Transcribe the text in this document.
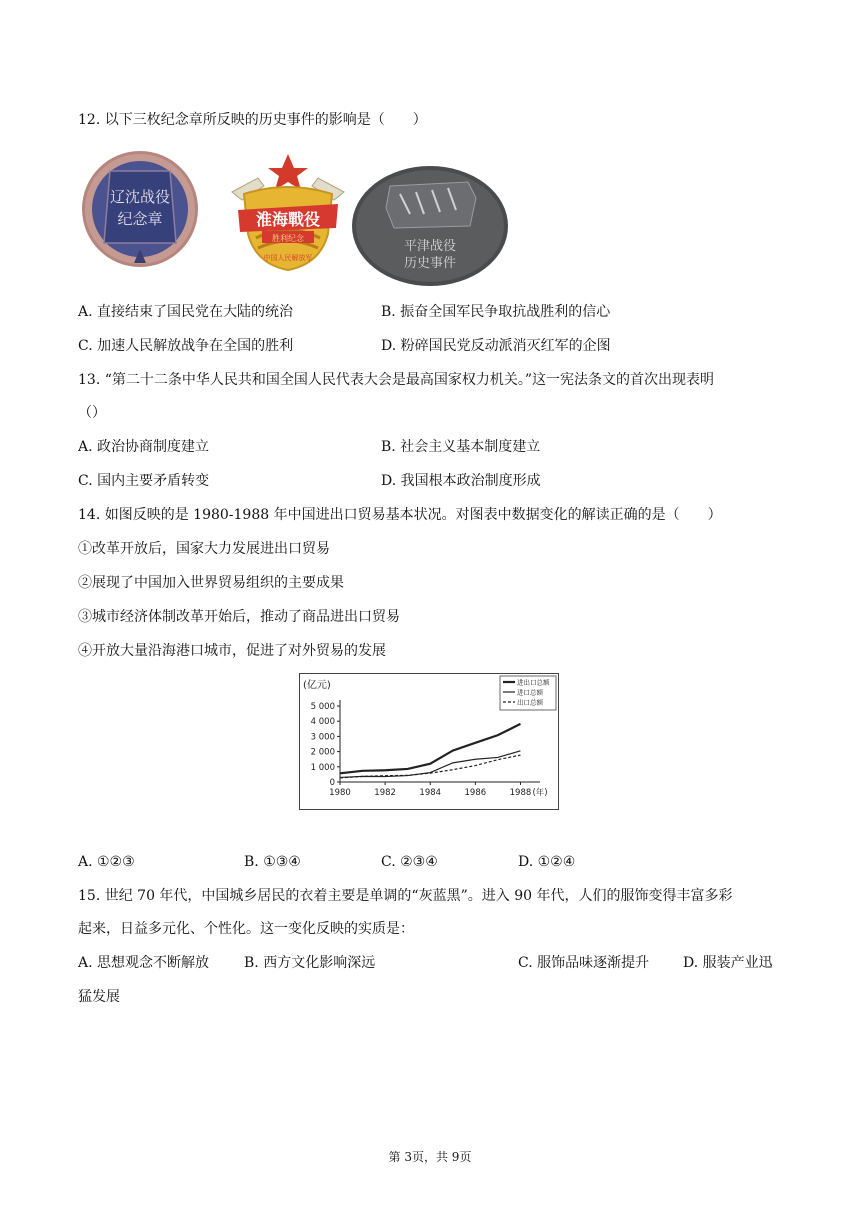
12. 以下三枚纪念章所反映的历史事件的影响是（　　）
辽沈战役
纪念章	淮海戰役
胜利纪念
中国人民解放军
平津战役
历史事件
A. 直接结束了国民党在大陆的统治	B. 振奋全国军民争取抗战胜利的信心
C. 加速人民解放战争在全国的胜利	D. 粉碎国民党反动派消灭红军的企图
13. “第二十二条中华人民共和国全国人民代表大会是最高国家权力机关。”这一宪法条文的首次出现表明
（）
A. 政治协商制度建立	B. 社会主义基本制度建立
C. 国内主要矛盾转变	D. 我国根本政治制度形成
14. 如图反映的是 1980-1988 年中国进出口贸易基本状况。对图表中数据变化的解读正确的是（　　）
①改革开放后，国家大力发展进出口贸易
②展现了中国加入世界贸易组织的主要成果
③城市经济体制改革开始后，推动了商品进出口贸易
④开放大量沿海港口城市，促进了对外贸易的发展
(亿元)
0
1 000
2 000
3 000
4 000
5 000
1980	1982	1984	1986	1988 (年)
进出口总额
进口总额
出口总额
A. ①②③	B. ①③④	C. ②③④	D. ①②④
15. 世纪 70 年代，中国城乡居民的衣着主要是单调的“灰蓝黑”。进入 90 年代，人们的服饰变得丰富多彩
起来，日益多元化、个性化。这一变化反映的实质是：
A. 思想观念不断解放 B. 西方文化影响深远	C. 服饰品味逐渐提升 D. 服装产业迅
猛发展
第 3页，共 9页
